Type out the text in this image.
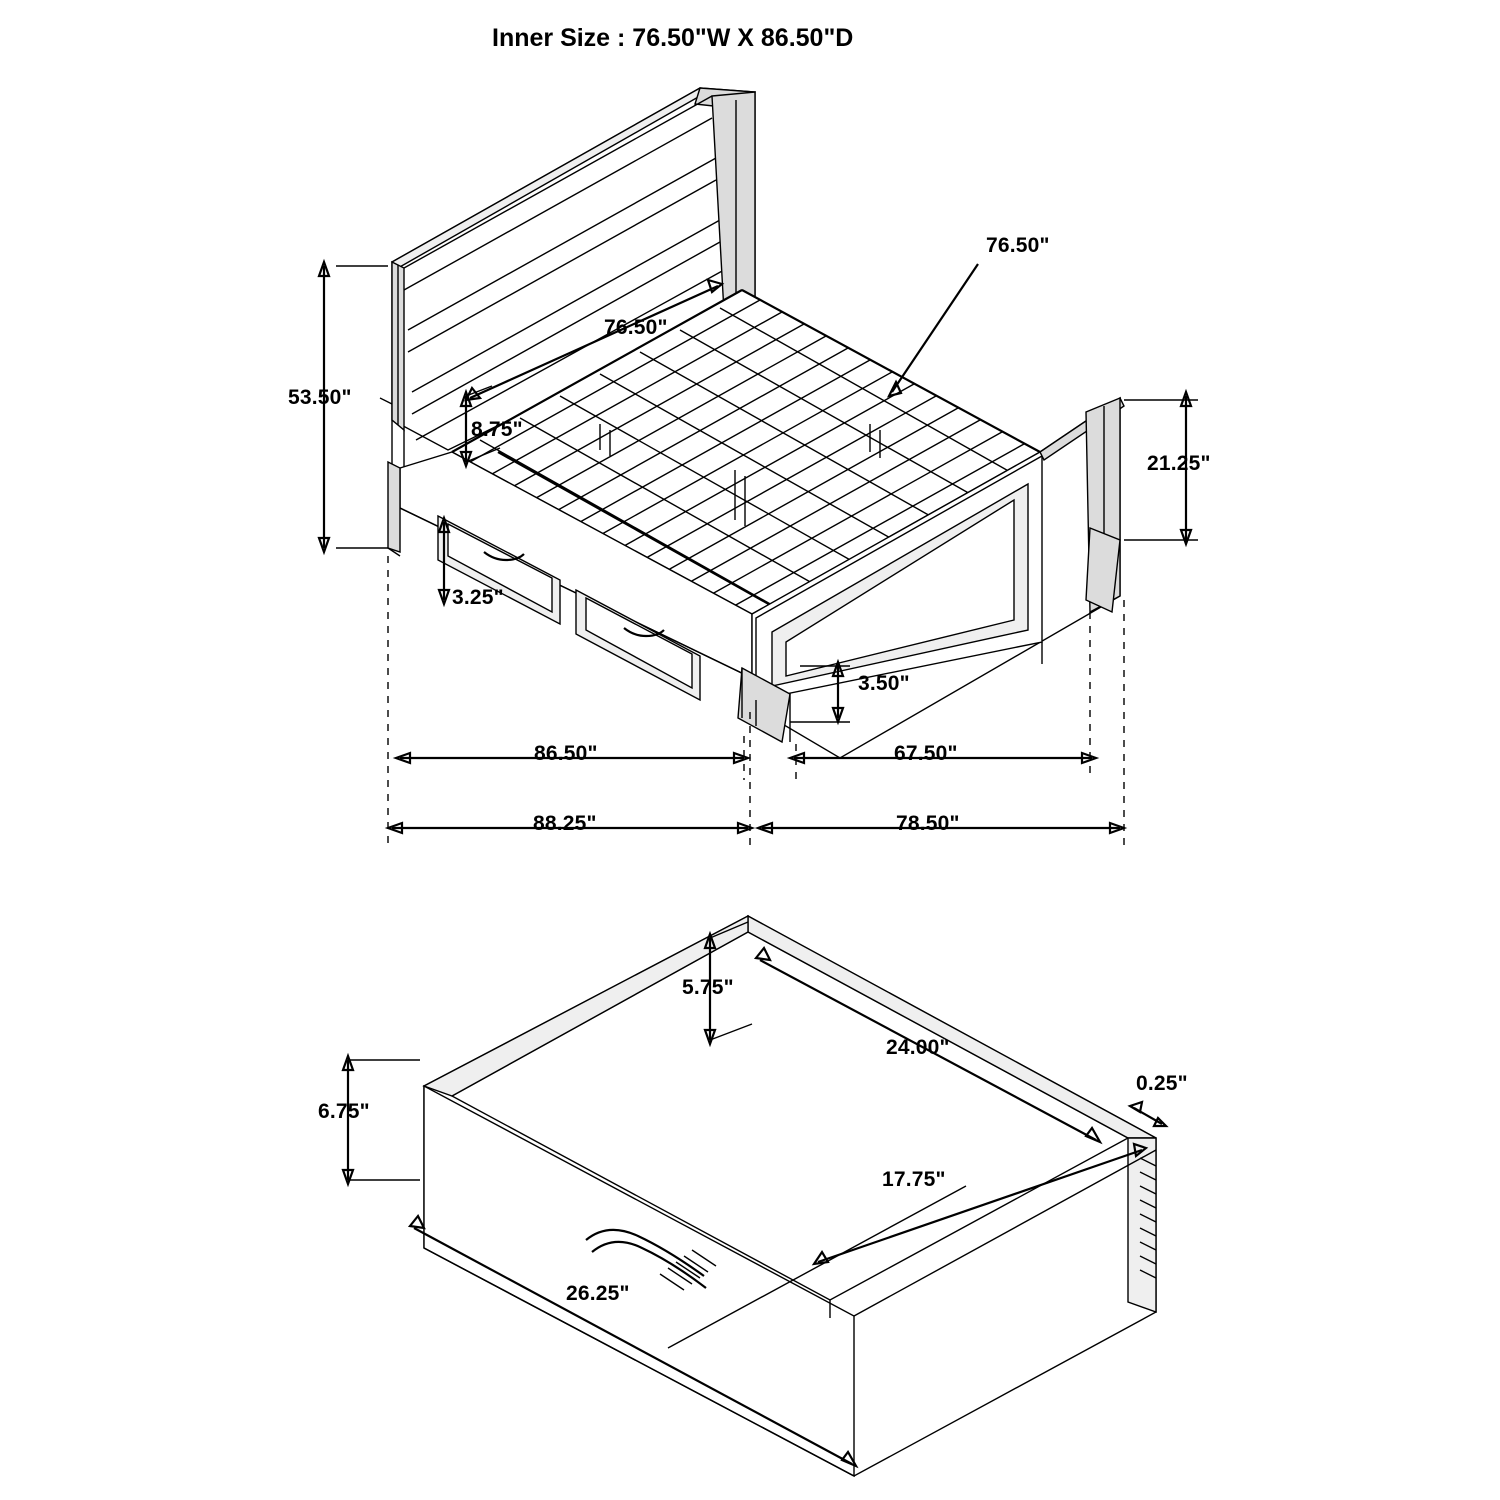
Inner Size : 76.50"W X 86.50"D
53.50"
76.50"
76.50"
8.75"
21.25"
3.25"
3.50"
86.50"	67.50"
88.25"	78.50"
5.75"
24.00"
0.25"
17.75"
6.75"
26.25"
